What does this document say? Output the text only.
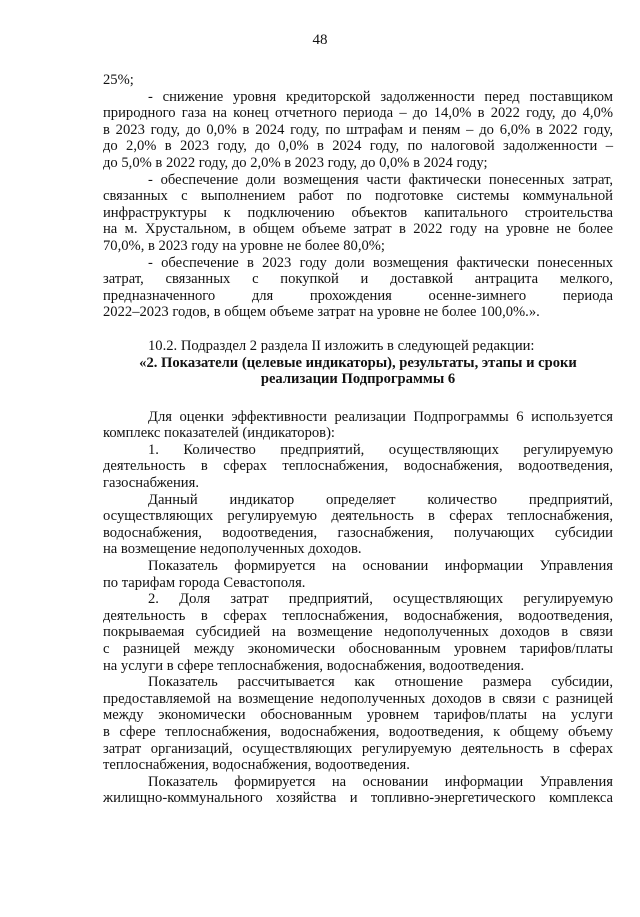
48
25%;
- снижение уровня кредиторской задолженности перед поставщиком
природного газа на конец отчетного периода – до 14,0% в 2022 году, до 4,0%
в 2023 году, до 0,0% в 2024 году, по штрафам и пеням – до 6,0% в 2022 году,
до 2,0% в 2023 году, до 0,0% в 2024 году, по налоговой задолженности –
до 5,0% в 2022 году, до 2,0% в 2023 году, до 0,0% в 2024 году;
- обеспечение доли возмещения части фактически понесенных затрат,
связанных с выполнением работ по подготовке системы коммунальной
инфраструктуры к подключению объектов капитального строительства
на м. Хрустальном, в общем объеме затрат в 2022 году на уровне не более
70,0%, в 2023 году на уровне не более 80,0%;
- обеспечение в 2023 году доли возмещения фактически понесенных
затрат, связанных с покупкой и доставкой антрацита мелкого,
предназначенного для прохождения осенне-зимнего периода
2022–2023 годов, в общем объеме затрат на уровне не более 100,0%.».
10.2. Подраздел 2 раздела II изложить в следующей редакции:
«2. Показатели (целевые индикаторы), результаты, этапы и сроки
реализации Подпрограммы 6
Для оценки эффективности реализации Подпрограммы 6 используется
комплекс показателей (индикаторов):
1. Количество предприятий, осуществляющих регулируемую
деятельность в сферах теплоснабжения, водоснабжения, водоотведения,
газоснабжения.
Данный индикатор определяет количество предприятий,
осуществляющих регулируемую деятельность в сферах теплоснабжения,
водоснабжения, водоотведения, газоснабжения, получающих субсидии
на возмещение недополученных доходов.
Показатель формируется на основании информации Управления
по тарифам города Севастополя.
2. Доля затрат предприятий, осуществляющих регулируемую
деятельность в сферах теплоснабжения, водоснабжения, водоотведения,
покрываемая субсидией на возмещение недополученных доходов в связи
с разницей между экономически обоснованным уровнем тарифов/платы
на услуги в сфере теплоснабжения, водоснабжения, водоотведения.
Показатель рассчитывается как отношение размера субсидии,
предоставляемой на возмещение недополученных доходов в связи с разницей
между экономически обоснованным уровнем тарифов/платы на услуги
в сфере теплоснабжения, водоснабжения, водоотведения, к общему объему
затрат организаций, осуществляющих регулируемую деятельность в сферах
теплоснабжения, водоснабжения, водоотведения.
Показатель формируется на основании информации Управления
жилищно-коммунального хозяйства и топливно-энергетического комплекса
